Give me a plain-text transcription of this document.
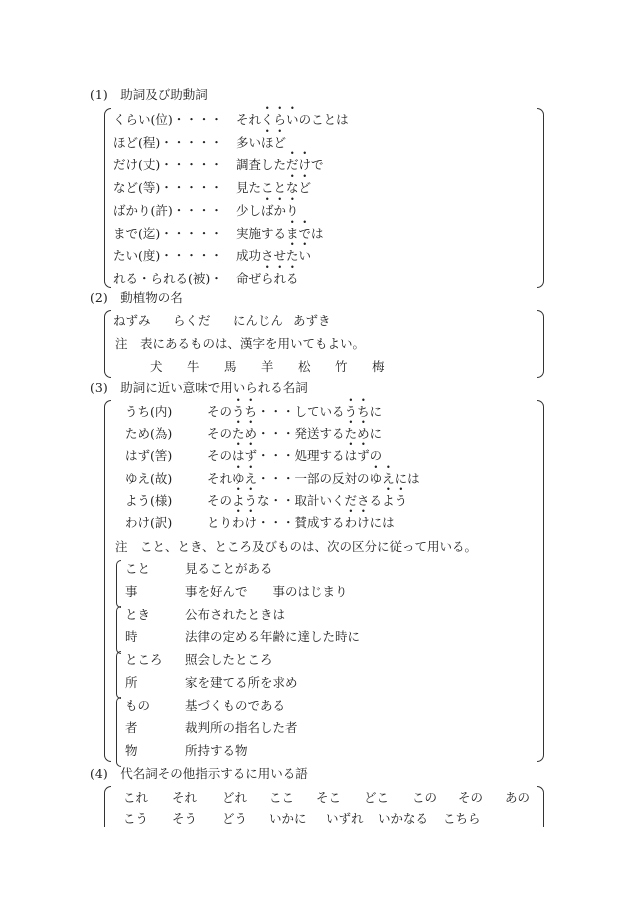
(1)　助詞及び助動詞
(2)　動植物の名
注　表にあるものは、漢字を用いてもよい。
(3)　助詞に近い意味で用いられる名詞
注　こと、とき、ところ及びものは、次の区分に従って用いる。
(4)　代名詞その他指示するに用いる語
くらい(位)・・・・ それくらいのことは
ほど(程)・・・・・ 多いほど
だけ(丈)・・・・・ 調査しただけで
など(等)・・・・・ 見たことなど
ばかり(許)・・・・ 少しばかり
まで(迄)・・・・・ 実施するまでは
たい(度)・・・・・ 成功させたい
れる・られる(被)・ 命ぜられる
ねずみ らくだ にんじん あずき
犬 牛 馬 羊 松 竹 梅
うち(内)	そのうち・・・しているうちに
ため(為)	そのため・・・発送するために
はず(筈)	そのはず・・・処理するはずの
ゆえ(故)	それゆえ・・・一部の反対のゆえには
よう(様)	そのような・・取計いくださるよう
わけ(訳)	とりわけ・・・賛成するわけには
こと	見ることがある
事	事を好んで　　事のはじまり
とき	公布されたときは
時	法律の定める年齢に達した時に
ところ 照会したところ
所	家を建てる所を求め
もの	基づくものである
者	裁判所の指名した者
物	所持する物
これ それ どれ ここ そこ どこ この その あの
こう そう どう いかに いずれ いかなる こちら
